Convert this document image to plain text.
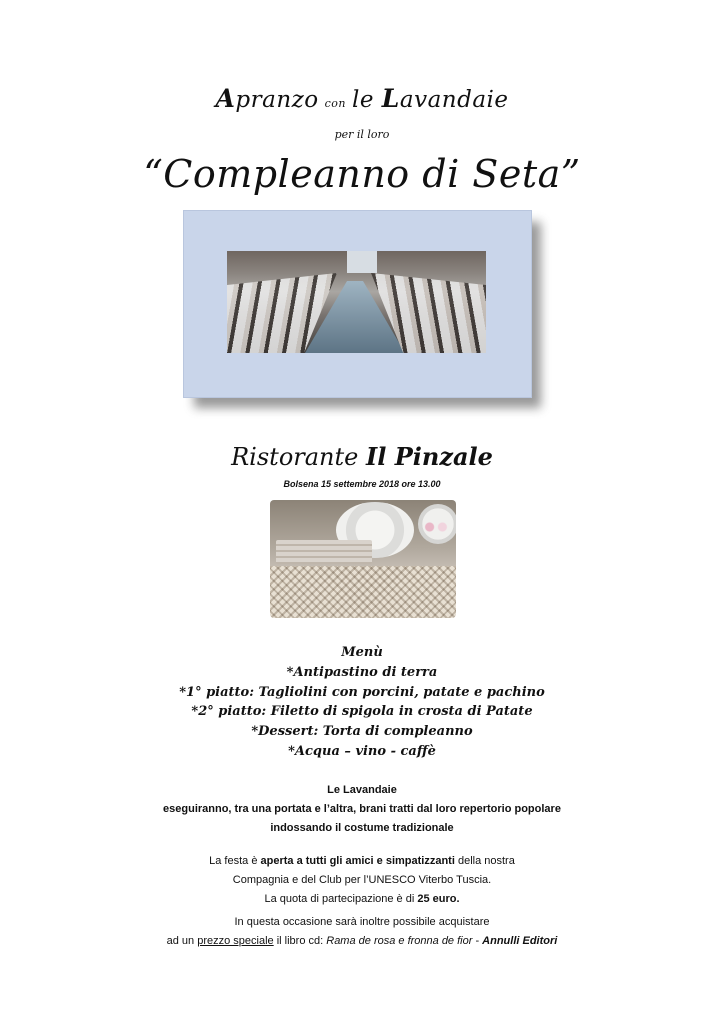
Apranzo con le Lavandaie
per il loro
“Compleanno di Seta”
Ristorante Il Pinzale
Bolsena 15 settembre 2018 ore 13.00
Menù
*Antipastino di terra
*1° piatto: Tagliolini con porcini, patate e pachino
*2° piatto: Filetto di spigola in crosta di Patate
*Dessert: Torta di compleanno
*Acqua – vino - caffè
Le Lavandaie
eseguiranno, tra una portata e l’altra, brani tratti dal loro repertorio popolare
indossando il costume tradizionale
La festa è aperta a tutti gli amici e simpatizzanti della nostra
Compagnia e del Club per l’UNESCO Viterbo Tuscia.
La quota di partecipazione è di 25 euro.
In questa occasione sarà inoltre possibile acquistare
ad un prezzo speciale il libro cd: Rama de rosa e fronna de fior - Annulli Editori
